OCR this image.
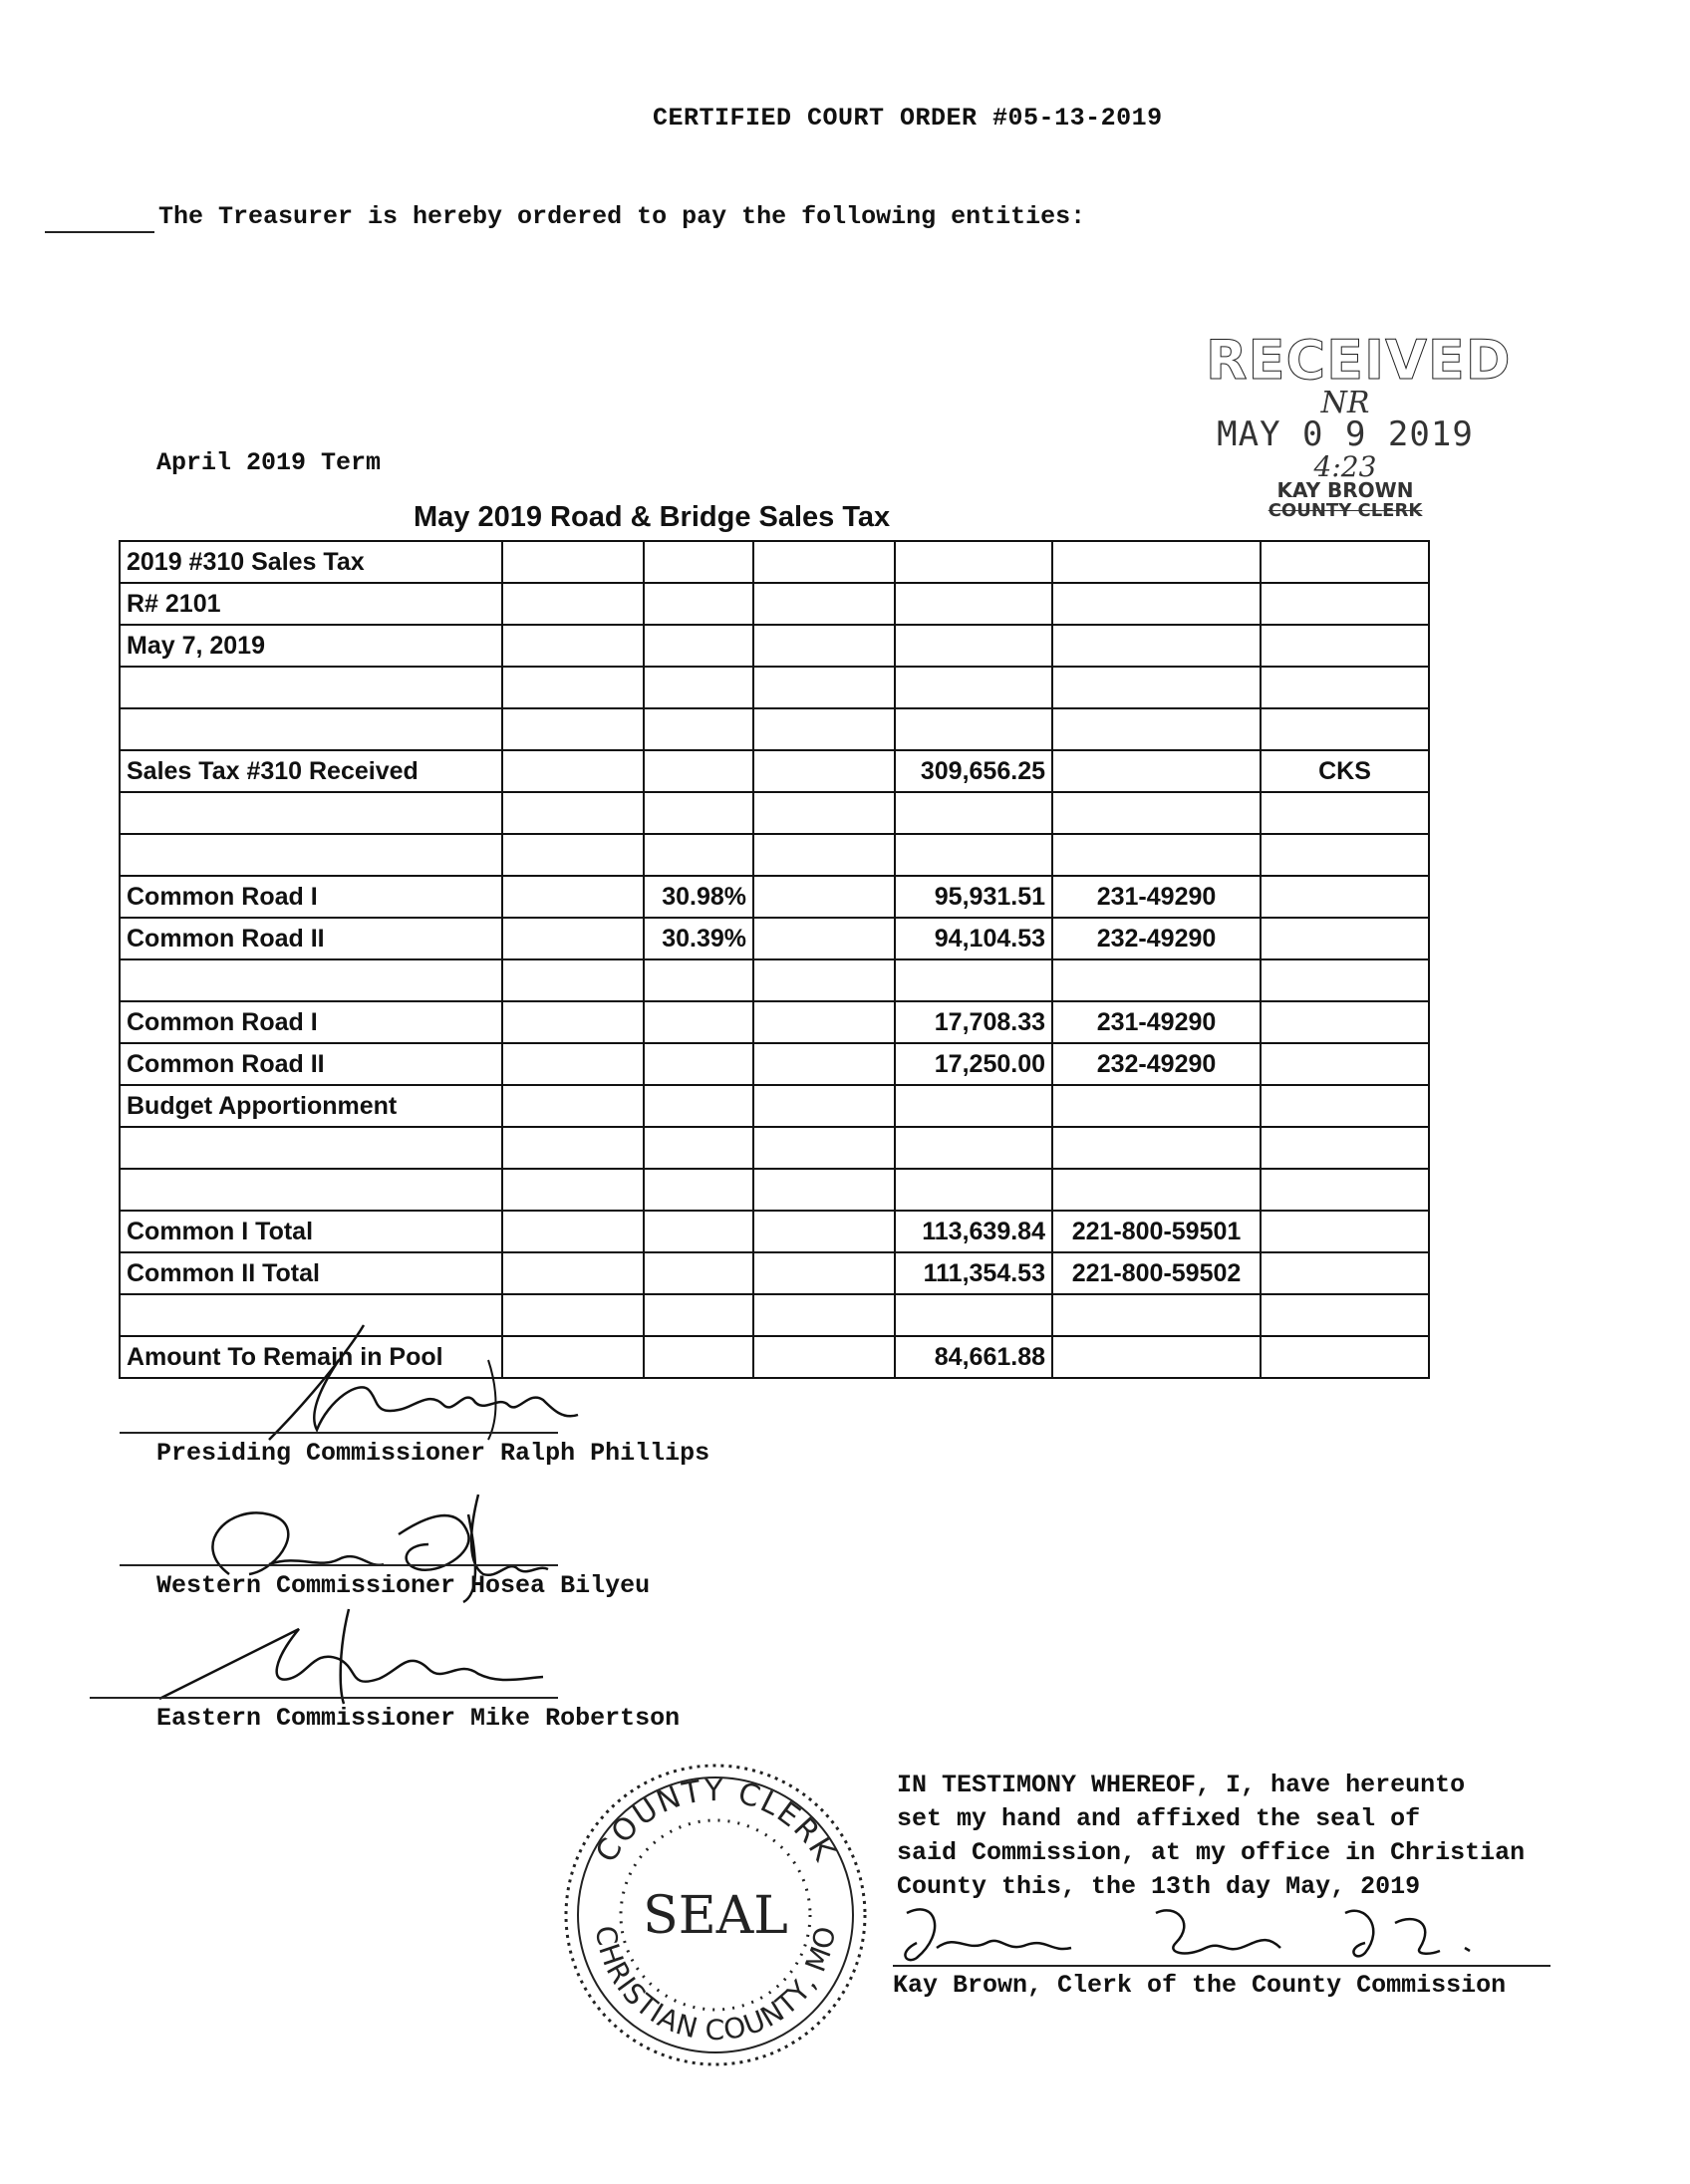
CERTIFIED COURT ORDER #05-13-2019
The Treasurer is hereby ordered to pay the following entities:
RECEIVED
NR
MAY 0 9 2019
4:23
KAY BROWN
COUNTY CLERK
April 2019 Term
May 2019 Road & Bridge Sales Tax
2019 #310 Sales Tax						
R# 2101						
May 7, 2019						

Sales Tax #310 Received				309,656.25		CKS

Common Road I		30.98%		95,931.51	231-49290	
Common Road II		30.39%		94,104.53	232-49290	

Common Road I				17,708.33	231-49290	
Common Road II				17,250.00	232-49290	
Budget Apportionment						

Common I Total				113,639.84	221-800-59501	
Common II Total				111,354.53	221-800-59502	

Amount To Remain in Pool				84,661.88		
Presiding Commissioner Ralph Phillips
Western Commissioner Hosea Bilyeu
Eastern Commissioner Mike Robertson
COUNTY CLERK
CHRISTIAN COUNTY, MO
SEAL
IN TESTIMONY WHEREOF, I, have hereunto
set my hand and affixed the seal of
said Commission, at my office in Christian
County this, the 13th day May, 2019
Kay Brown, Clerk of the County Commission
